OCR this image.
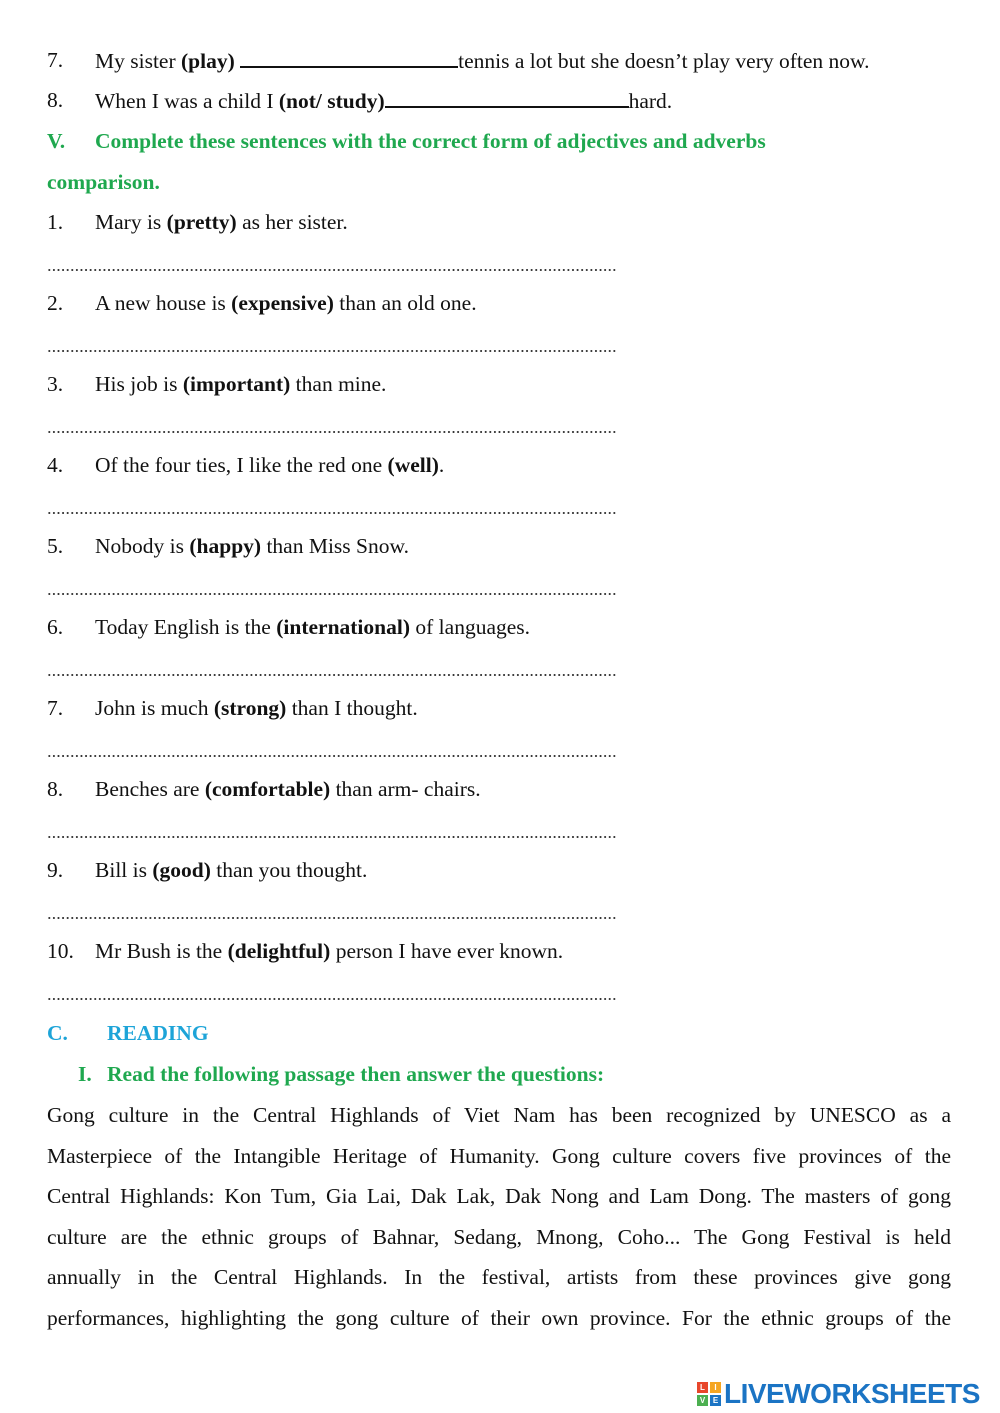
7. My sister (play)	tennis a lot but she doesn’t play very often now.
8. When I was a child I (not/ study)	hard.
V. Complete these sentences with the correct form of adjectives and adverbs
comparison.
1. Mary is (pretty) as her sister.
2. A new house is (expensive) than an old one.
3. His job is (important) than mine.
4. Of the four ties, I like the red one (well).
5. Nobody is (happy) than Miss Snow.
6. Today English is the (international) of languages.
7. John is much (strong) than I thought.
8. Benches are (comfortable) than arm- chairs.
9. Bill is (good) than you thought.
10. Mr Bush is the (delightful) person I have ever known.
C. READING
I. Read the following passage then answer the questions:
Gong culture in the Central Highlands of Viet Nam has been recognized by UNESCO as a
Masterpiece of the Intangible Heritage of Humanity. Gong culture covers five provinces of the
Central Highlands: Kon Tum, Gia Lai, Dak Lak, Dak Nong and Lam Dong. The masters of gong
culture are the ethnic groups of Bahnar, Sedang, Mnong, Coho... The Gong Festival is held
annually in the Central Highlands. In the festival, artists from these provinces give gong
performances, highlighting the gong culture of their own province. For the ethnic groups of the
L	I
V E LIVEWORKSHEETS
